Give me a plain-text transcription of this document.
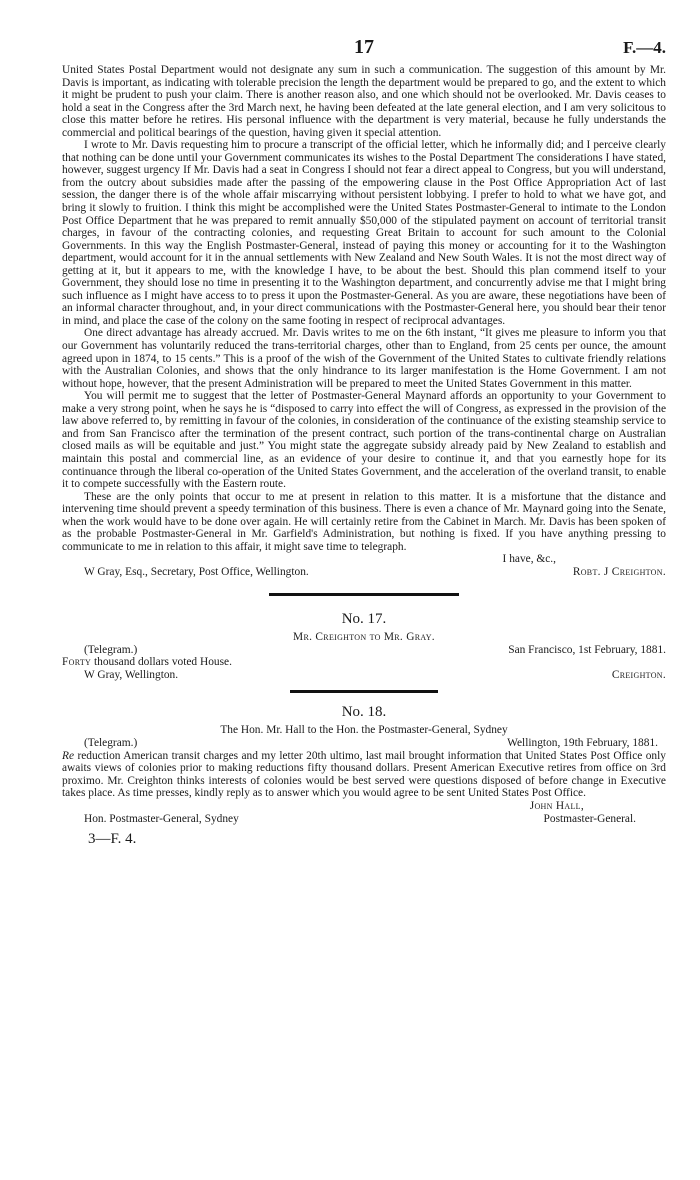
17	F.—4.

United States Postal Department would not designate any sum in such a communication. The suggestion of this amount by Mr. Davis is important, as indicating with tolerable precision the length the department would be prepared to go, and the extent to which it might be prudent to push your claim. There is another reason also, and one which should not be overlooked. Mr. Davis ceases to hold a seat in the Congress after the 3rd March next, he having been defeated at the late general election, and I am very solicitous to close this matter before he retires. His personal influence with the department is very material, because he fully understands the commercial and political bearings of the question, having given it special attention.

I wrote to Mr. Davis requesting him to procure a transcript of the official letter, which he informally did; and I perceive clearly that nothing can be done until your Government communicates its wishes to the Postal Department The considerations I have stated, however, suggest urgency If Mr. Davis had a seat in Congress I should not fear a direct appeal to Congress, but you will understand, from the outcry about subsidies made after the passing of the empowering clause in the Post Office Appropriation Act of last session, the danger there is of the whole affair miscarrying without persistent lobbying. I prefer to hold to what we have got, and bring it slowly to fruition. I think this might be accomplished were the United States Postmaster-General to intimate to the London Post Office Department that he was prepared to remit annually $50,000 of the stipulated payment on account of territorial transit charges, in favour of the contracting colonies, and requesting Great Britain to account for such amount to the Colonial Governments. In this way the English Postmaster-General, instead of paying this money or accounting for it to the Washington department, would account for it in the annual settlements with New Zealand and New South Wales. It is not the most direct way of getting at it, but it appears to me, with the knowledge I have, to be about the best. Should this plan commend itself to your Government, they should lose no time in presenting it to the Washington department, and concurrently advise me that I might bring such influence as I might have access to to press it upon the Postmaster-General. As you are aware, these negotiations have been of an informal character throughout, and, in your direct communications with the Postmaster-General here, you should bear their tenor in mind, and place the case of the colony on the same footing in respect of reciprocal advantages.

One direct advantage has already accrued. Mr. Davis writes to me on the 6th instant, “It gives me pleasure to inform you that our Government has voluntarily reduced the trans-territorial charges, other than to England, from 25 cents per ounce, the amount agreed upon in 1874, to 15 cents.” This is a proof of the wish of the Government of the United States to cultivate friendly relations with the Australian Colonies, and shows that the only hindrance to its larger manifestation is the Home Government. I am not without hope, however, that the present Administration will be prepared to meet the United States Government in this matter.

You will permit me to suggest that the letter of Postmaster-General Maynard affords an opportunity to your Government to make a very strong point, when he says he is “disposed to carry into effect the will of Congress, as expressed in the provision of the law above referred to, by remitting in favour of the colonies, in consideration of the continuance of the existing steamship service to and from San Francisco after the termination of the present contract, such portion of the trans-continental charge on Australian closed mails as will be equitable and just.” You might state the aggregate subsidy already paid by New Zealand to establish and maintain this postal and commercial line, as an evidence of your desire to continue it, and that you earnestly hope for its continuance through the liberal co-operation of the United States Government, and the acceleration of the overland transit, to enable it to compete successfully with the Eastern route.

These are the only points that occur to me at present in relation to this matter. It is a misfortune that the distance and intervening time should prevent a speedy termination of this business. There is even a chance of Mr. Maynard going into the Senate, when the work would have to be done over again. He will certainly retire from the Cabinet in March. Mr. Davis has been spoken of as the probable Postmaster-General in Mr. Garfield's Administration, but nothing is fixed. If you have anything pressing to communicate to me in relation to this affair, it might save time to telegraph.

I have, &c.,
W Gray, Esq., Secretary, Post Office, Wellington.	Robt. J Creighton.
No. 17.
Mr. Creighton to Mr. Gray.
(Telegram.)	San Francisco, 1st February, 1881.

Forty thousand dollars voted House.

W Gray, Wellington.	Creighton.
No. 18.
The Hon. Mr. Hall to the Hon. the Postmaster-General, Sydney
(Telegram.)	Wellington, 19th February, 1881.

Re reduction American transit charges and my letter 20th ultimo, last mail brought information that United States Post Office only awaits views of colonies prior to making reductions fifty thousand dollars. Present American Executive retires from office on 3rd proximo. Mr. Creighton thinks interests of colonies would be best served were questions disposed of before change in Executive takes place. As time presses, kindly reply as to answer which you would agree to be sent United States Post Office.

John Hall,
Hon. Postmaster-General, Sydney	Postmaster-General.
3—F. 4.
